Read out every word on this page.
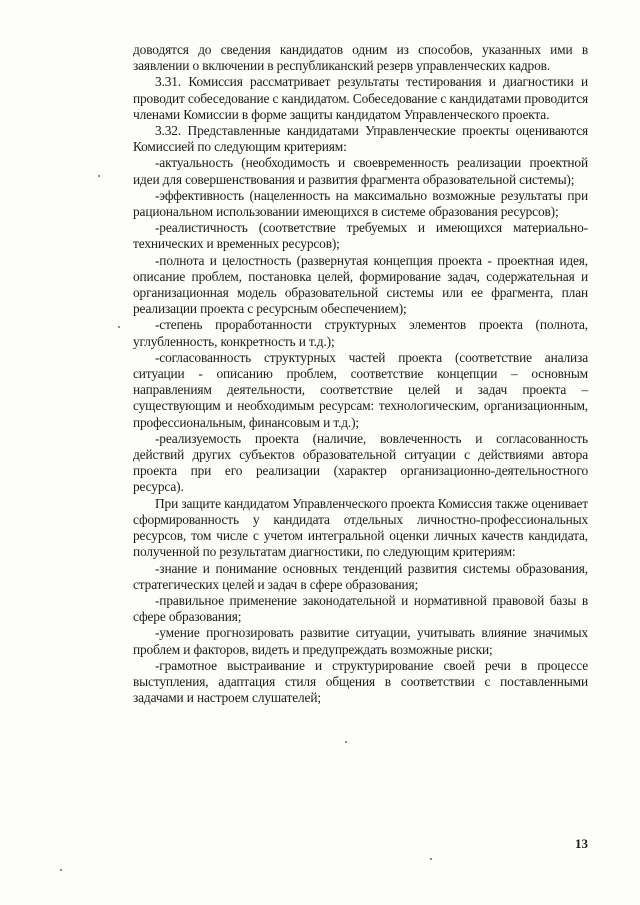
доводятся до сведения кандидатов одним из способов, указанных ими в заявлении о включении в республиканский резерв управленческих кадров.

3.31. Комиссия рассматривает результаты тестирования и диагностики и проводит собеседование с кандидатом. Собеседование с кандидатами проводится членами Комиссии в форме защиты кандидатом Управленческого проекта.

3.32. Представленные кандидатами Управленческие проекты оцениваются Комиссией по следующим критериям:

-актуальность (необходимость и своевременность реализации проектной идеи для совершенствования и развития фрагмента образовательной системы);

-эффективность (нацеленность на максимально возможные результаты при рациональном использовании имеющихся в системе образования ресурсов);

-реалистичность (соответствие требуемых и имеющихся материально-технических и временных ресурсов);

-полнота и целостность (развернутая концепция проекта - проектная идея, описание проблем, постановка целей, формирование задач, содержательная и организационная модель образовательной системы или ее фрагмента, план реализации проекта с ресурсным обеспечением);

-степень проработанности структурных элементов проекта (полнота, углубленность, конкретность и т.д.);

-согласованность структурных частей проекта (соответствие анализа ситуации - описанию проблем, соответствие концепции – основным направлениям деятельности, соответствие целей и задач проекта – существующим и необходимым ресурсам: технологическим, организационным, профессиональным, финансовым и т.д.);

-реализуемость проекта (наличие, вовлеченность и согласованность действий других субъектов образовательной ситуации с действиями автора проекта при его реализации (характер организационно-деятельностного ресурса).

При защите кандидатом Управленческого проекта Комиссия также оценивает сформированность у кандидата отдельных личностно-профессиональных ресурсов, том числе с учетом интегральной оценки личных качеств кандидата, полученной по результатам диагностики, по следующим критериям:

-знание и понимание основных тенденций развития системы образования, стратегических целей и задач в сфере образования;

-правильное применение законодательной и нормативной правовой базы в сфере образования;

-умение прогнозировать развитие ситуации, учитывать влияние значимых проблем и факторов, видеть и предупреждать возможные риски;

-грамотное выстраивание и структурирование своей речи в процессе выступления, адаптация стиля общения в соответствии с поставленными задачами и настроем слушателей;

13
